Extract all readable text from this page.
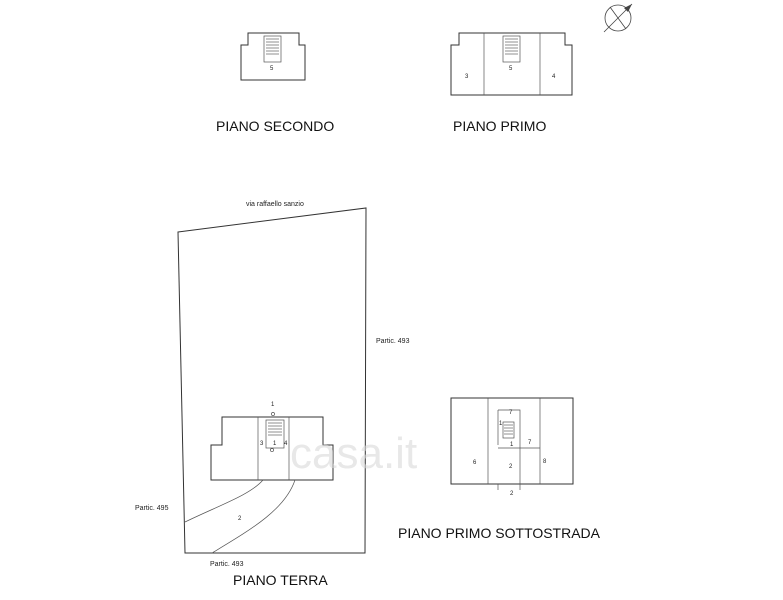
5
PIANO SECONDO
3
5
4
PIANO PRIMO
via raffaello sanzio
1
3 1 4
2
Partic. 493
Partic. 495
Partic. 493
PIANO TERRA
7
1
7
6
1
8
2
2
PIANO PRIMO SOTTOSTRADA
casa.it
